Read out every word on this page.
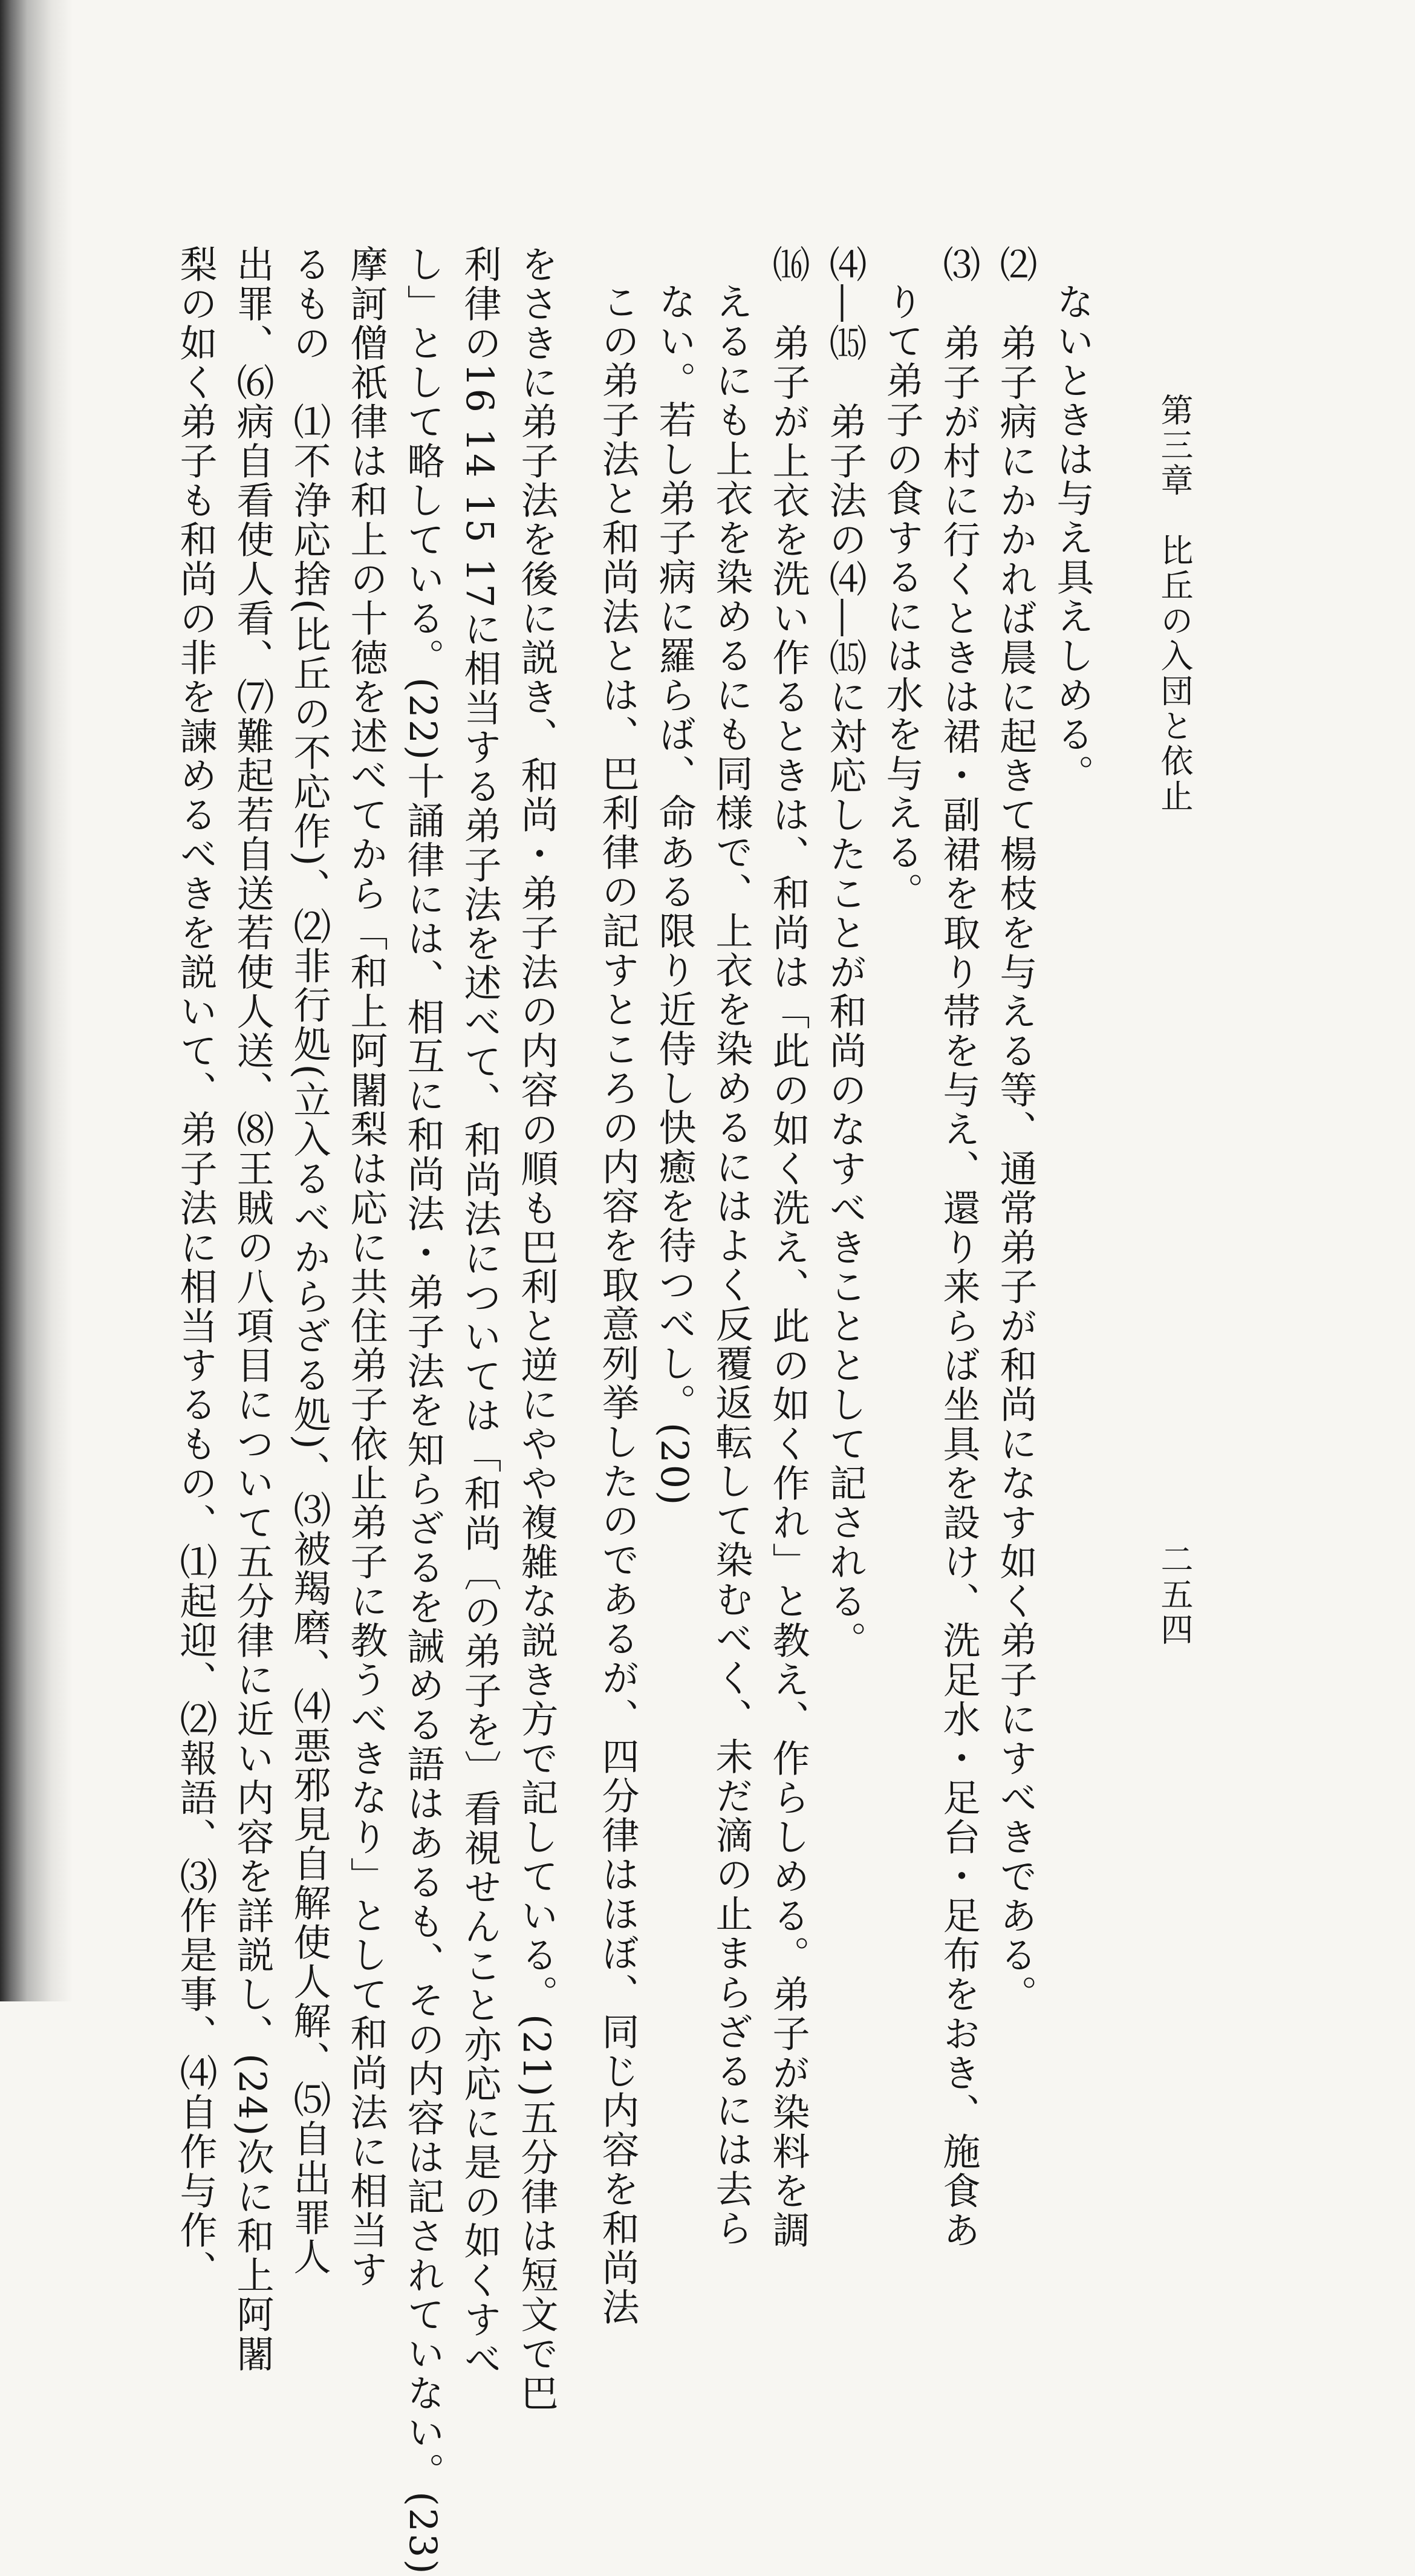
第三章　比丘の入団と依止
二五四
ないときは与え具えしめる。
⑵　弟子病にかかれば晨に起きて楊枝を与える等、通常弟子が和尚になす如く弟子にすべきである。
⑶　弟子が村に行くときは裙・副裙を取り帯を与え、還り来らば坐具を設け、洗足水・足台・足布をおき、施食あ
りて弟子の食するには水を与える。
⑷―⒂　弟子法の⑷―⒂に対応したことが和尚のなすべきこととして記される。
⒃　弟子が上衣を洗い作るときは、和尚は「此の如く洗え、此の如く作れ」と教え、作らしめる。弟子が染料を調
えるにも上衣を染めるにも同様で、上衣を染めるにはよく反覆返転して染むべく、未だ滴の止まらざるには去ら
ない。若し弟子病に羅らば、命ある限り近侍し快癒を待つべし。(20)
この弟子法と和尚法とは、巴利律の記すところの内容を取意列挙したのであるが、四分律はほぼ、同じ内容を和尚法
をさきに弟子法を後に説き、和尚・弟子法の内容の順も巴利と逆にやや複雑な説き方で記している。(21)五分律は短文で巴
利律の16 14 15 17に相当する弟子法を述べて、和尚法については「和尚〔の弟子を〕看視せんこと亦応に是の如くすべ
し」として略している。(22)十誦律には、相互に和尚法・弟子法を知らざるを誡める語はあるも、その内容は記されていない。(23)
摩訶僧祇律は和上の十徳を述べてから「和上阿闍梨は応に共住弟子依止弟子に教うべきなり」として和尚法に相当す
るもの　⑴不浄応捨(比丘の不応作)、⑵非行処(立入るべからざる処)、⑶被羯磨、⑷悪邪見自解使人解、⑸自出罪人
出罪、⑹病自看使人看、⑺難起若自送若使人送、⑻王賊の八項目について五分律に近い内容を詳説し、(24)次に和上阿闍
梨の如く弟子も和尚の非を諫めるべきを説いて、弟子法に相当するもの、⑴起迎、⑵報語、⑶作是事、⑷自作与作、
